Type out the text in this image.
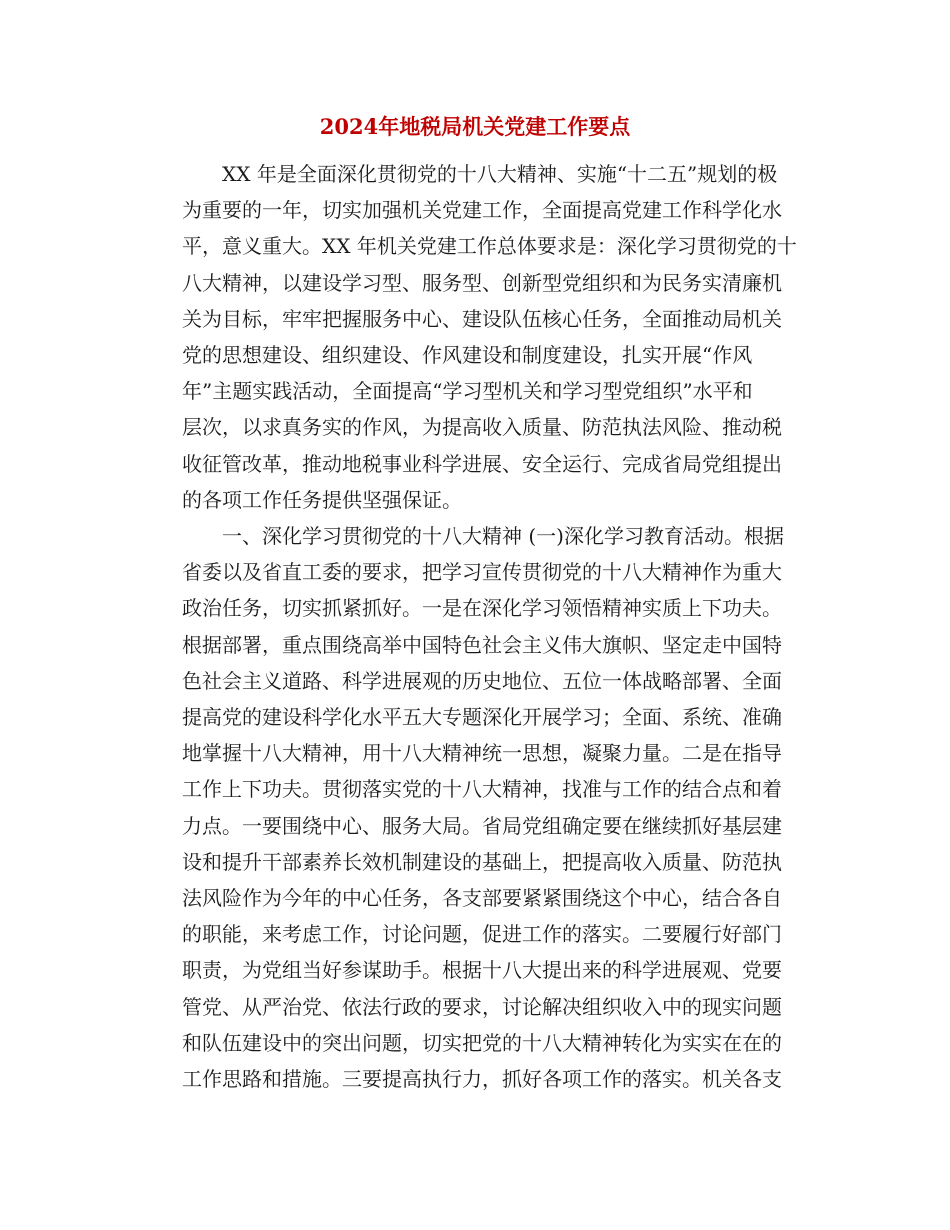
2024年地税局机关党建工作要点
XX 年是全面深化贯彻党的十八大精神、实施“十二五”规划的极
为重要的一年，切实加强机关党建工作，全面提高党建工作科学化水
平，意义重大。XX 年机关党建工作总体要求是：深化学习贯彻党的十
八大精神，以建设学习型、服务型、创新型党组织和为民务实清廉机
关为目标，牢牢把握服务中心、建设队伍核心任务，全面推动局机关
党的思想建设、组织建设、作风建设和制度建设，扎实开展“作风
年”主题实践活动，全面提高“学习型机关和学习型党组织”水平和
层次，以求真务实的作风，为提高收入质量、防范执法风险、推动税
收征管改革，推动地税事业科学进展、安全运行、完成省局党组提出
的各项工作任务提供坚强保证。
一、深化学习贯彻党的十八大精神 (一)深化学习教育活动。根据
省委以及省直工委的要求，把学习宣传贯彻党的十八大精神作为重大
政治任务，切实抓紧抓好。一是在深化学习领悟精神实质上下功夫。
根据部署，重点围绕高举中国特色社会主义伟大旗帜、坚定走中国特
色社会主义道路、科学进展观的历史地位、五位一体战略部署、全面
提高党的建设科学化水平五大专题深化开展学习；全面、系统、准确
地掌握十八大精神，用十八大精神统一思想，凝聚力量。二是在指导
工作上下功夫。贯彻落实党的十八大精神，找准与工作的结合点和着
力点。一要围绕中心、服务大局。省局党组确定要在继续抓好基层建
设和提升干部素养长效机制建设的基础上，把提高收入质量、防范执
法风险作为今年的中心任务，各支部要紧紧围绕这个中心，结合各自
的职能，来考虑工作，讨论问题，促进工作的落实。二要履行好部门
职责，为党组当好参谋助手。根据十八大提出来的科学进展观、党要
管党、从严治党、依法行政的要求，讨论解决组织收入中的现实问题
和队伍建设中的突出问题，切实把党的十八大精神转化为实实在在的
工作思路和措施。三要提高执行力，抓好各项工作的落实。机关各支
